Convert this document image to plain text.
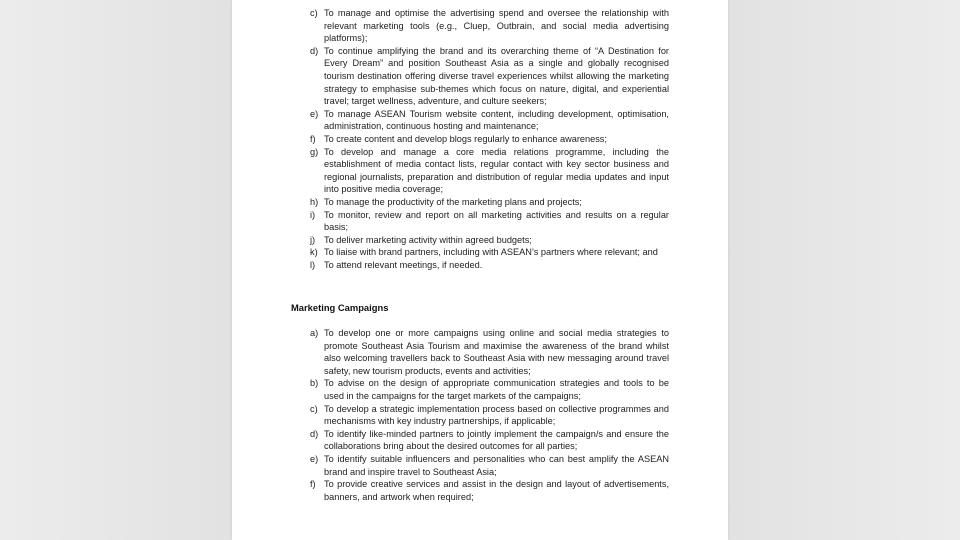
c) To manage and optimise the advertising spend and oversee the relationship with relevant marketing tools (e.g., Cluep, Outbrain, and social media advertising platforms);
d) To continue amplifying the brand and its overarching theme of “A Destination for Every Dream” and position Southeast Asia as a single and globally recognised tourism destination offering diverse travel experiences whilst allowing the marketing strategy to emphasise sub-themes which focus on nature, digital, and experiential travel; target wellness, adventure, and culture seekers;
e) To manage ASEAN Tourism website content, including development, optimisation, administration, continuous hosting and maintenance;
f) To create content and develop blogs regularly to enhance awareness;
g) To develop and manage a core media relations programme, including the establishment of media contact lists, regular contact with key sector business and regional journalists, preparation and distribution of regular media updates and input into positive media coverage;
h) To manage the productivity of the marketing plans and projects;
i) To monitor, review and report on all marketing activities and results on a regular basis;
j) To deliver marketing activity within agreed budgets;
k) To liaise with brand partners, including with ASEAN’s partners where relevant; and
l) To attend relevant meetings, if needed.
Marketing Campaigns
a) To develop one or more campaigns using online and social media strategies to promote Southeast Asia Tourism and maximise the awareness of the brand whilst also welcoming travellers back to Southeast Asia with new messaging around travel safety, new tourism products, events and activities;
b) To advise on the design of appropriate communication strategies and tools to be used in the campaigns for the target markets of the campaigns;
c) To develop a strategic implementation process based on collective programmes and mechanisms with key industry partnerships, if applicable;
d) To identify like-minded partners to jointly implement the campaign/s and ensure the collaborations bring about the desired outcomes for all parties;
e) To identify suitable influencers and personalities who can best amplify the ASEAN brand and inspire travel to Southeast Asia;
f) To provide creative services and assist in the design and layout of advertisements, banners, and artwork when required;
